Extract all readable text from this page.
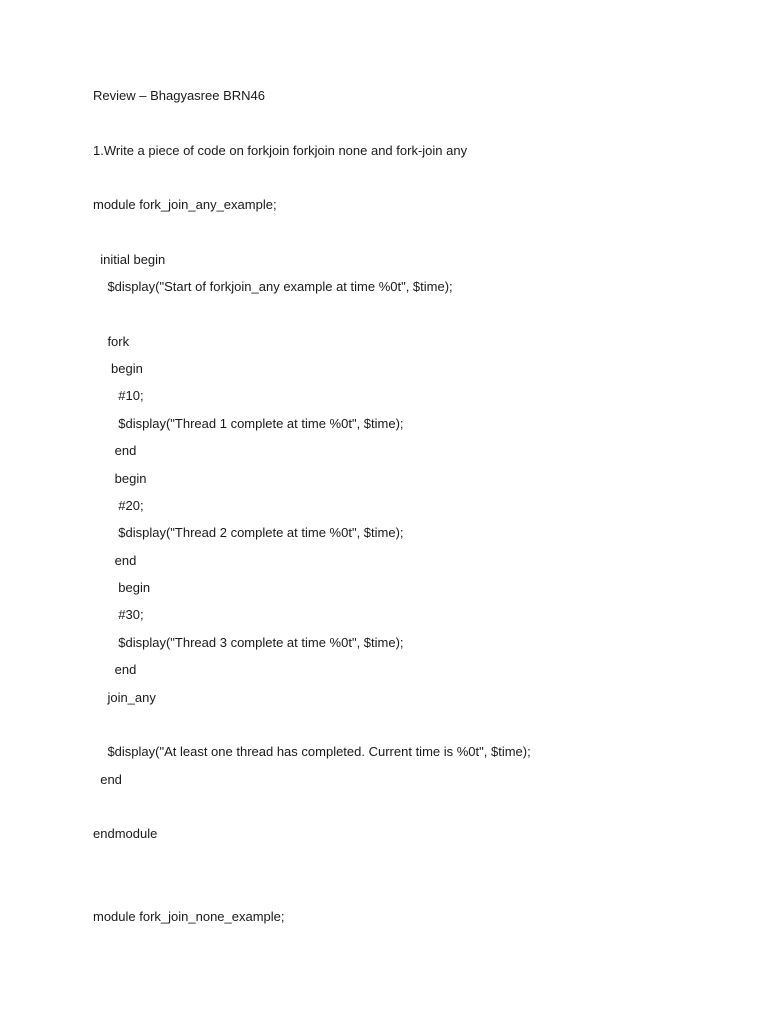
Review – Bhagyasree BRN46
1.Write a piece of code on forkjoin forkjoin none and fork-join any
module fork_join_any_example;
initial begin
$display("Start of forkjoin_any example at time %0t", $time);
fork
begin
#10;
$display("Thread 1 complete at time %0t", $time);
end
begin
#20;
$display("Thread 2 complete at time %0t", $time);
end
begin
#30;
$display("Thread 3 complete at time %0t", $time);
end
join_any
$display("At least one thread has completed. Current time is %0t", $time);
end
endmodule
module fork_join_none_example;
